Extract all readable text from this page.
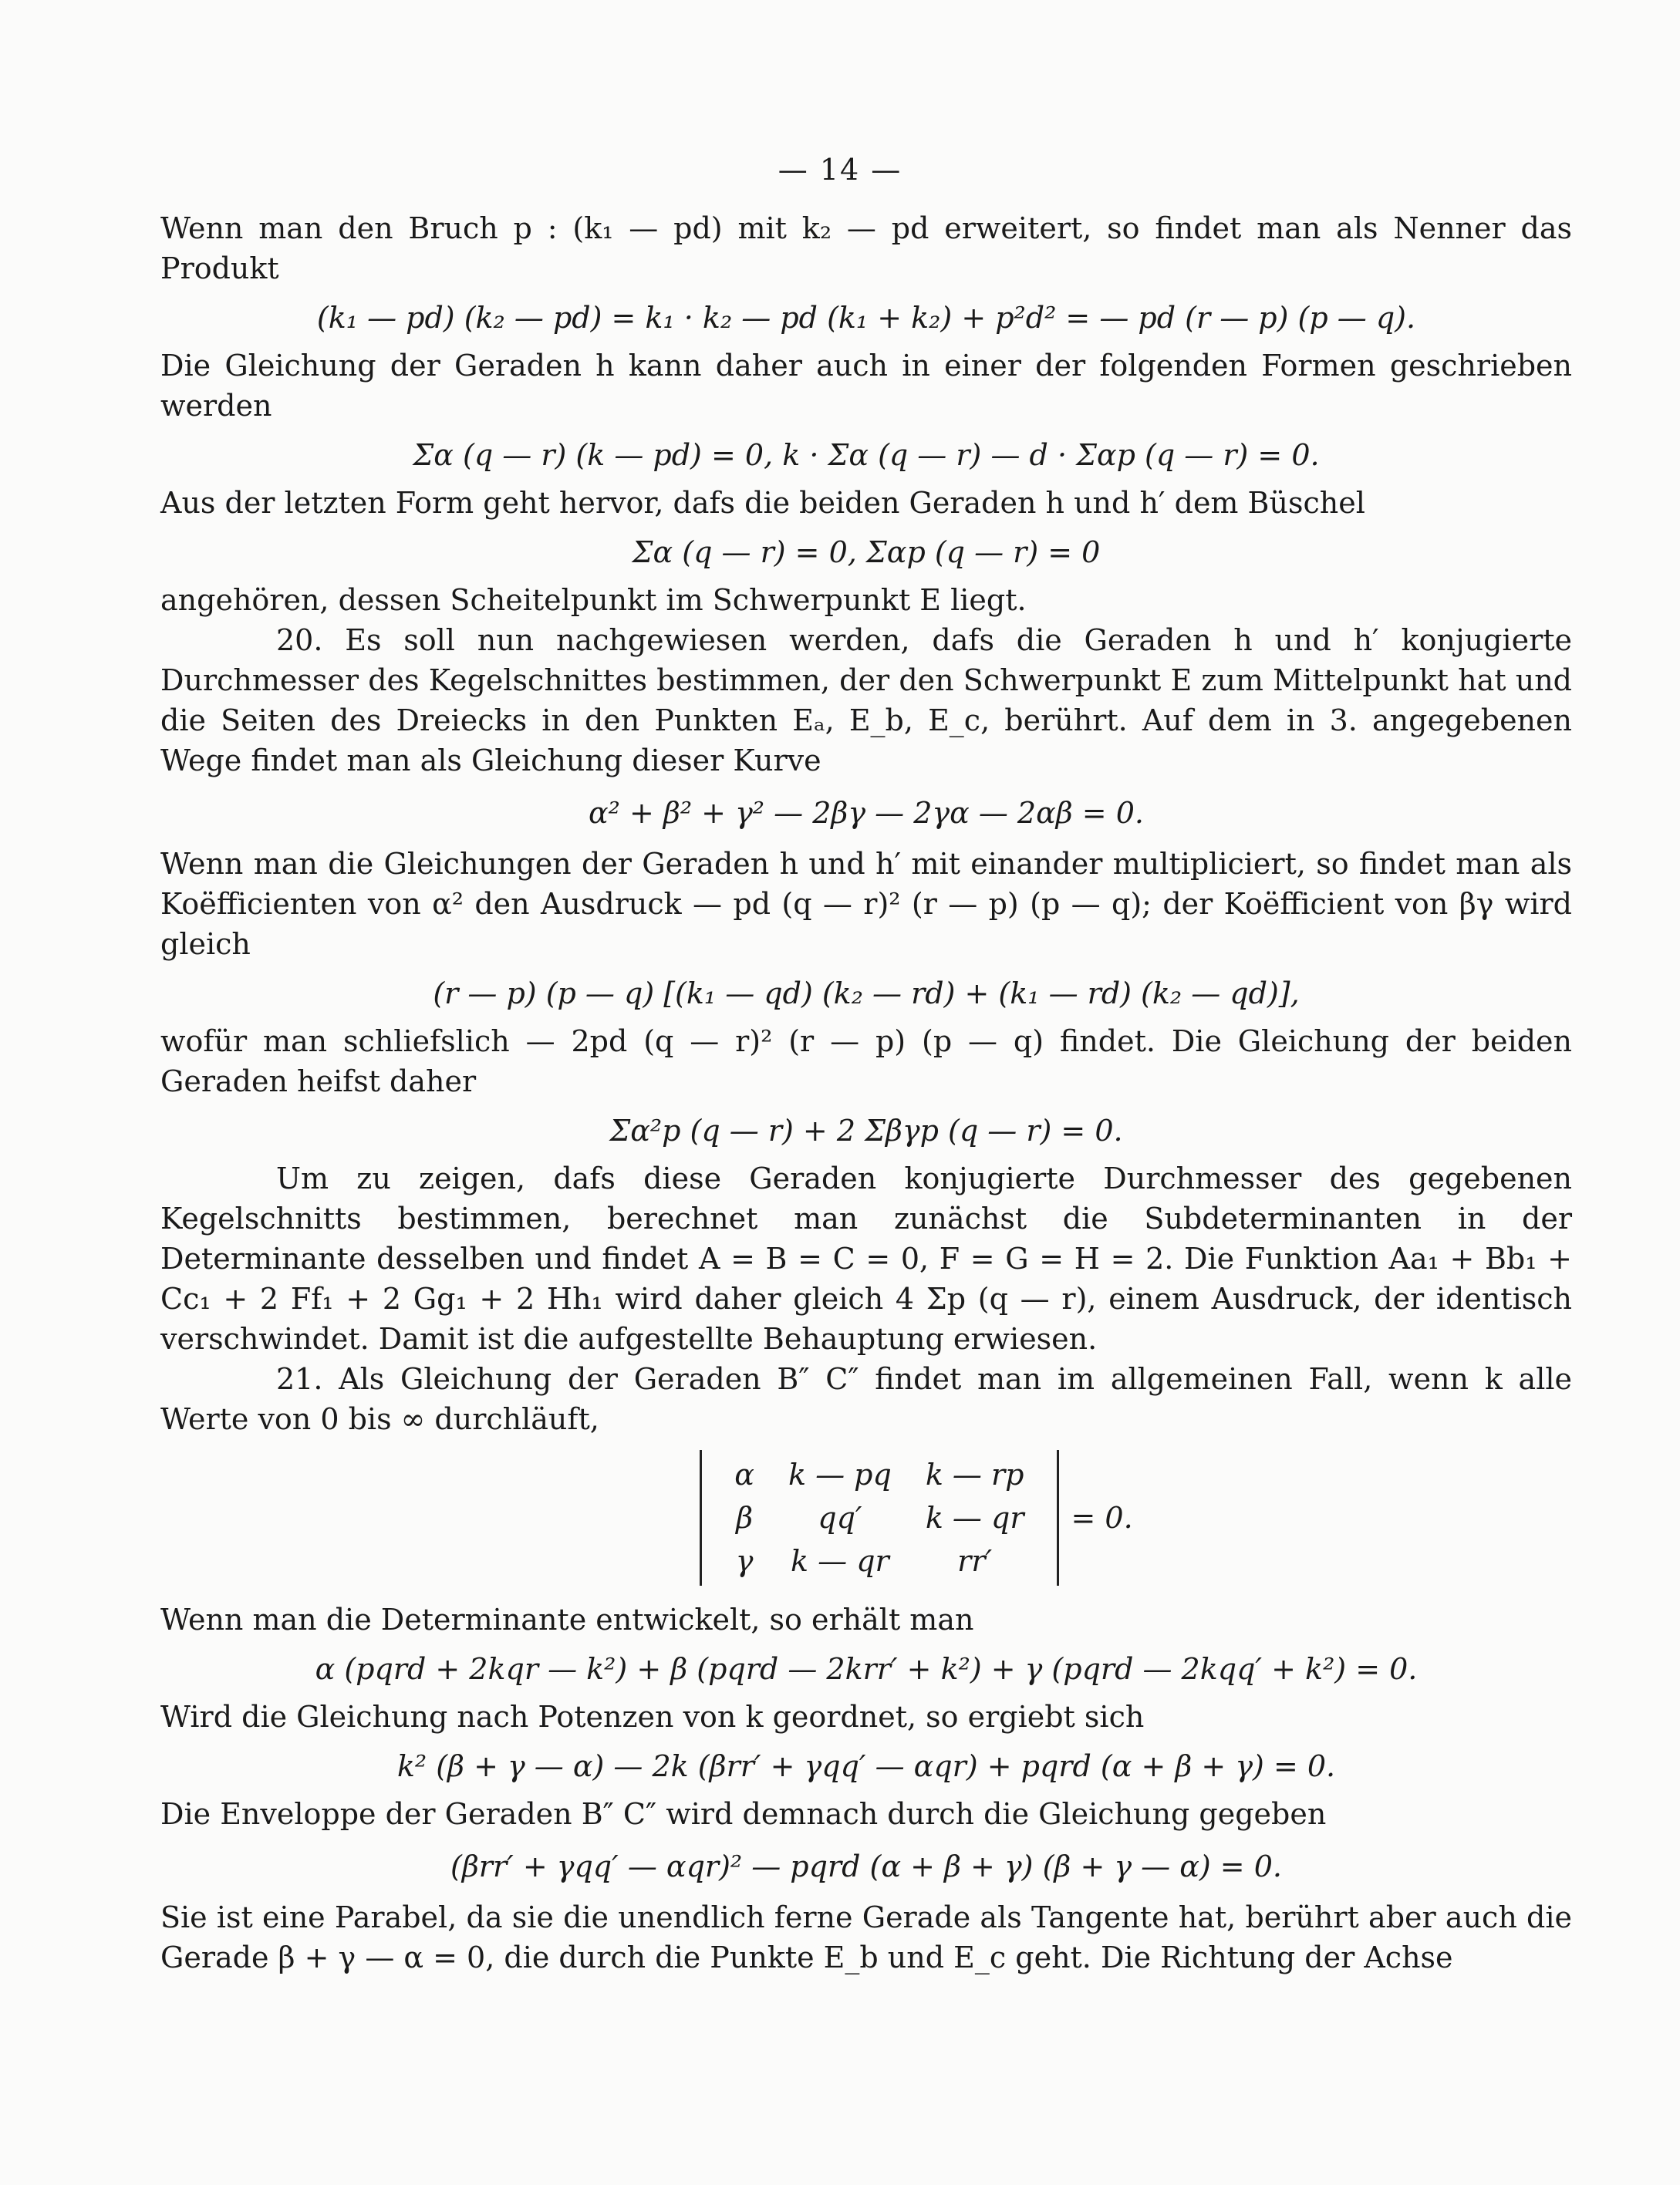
— 14 —

Wenn man den Bruch p : (k₁ — pd) mit k₂ — pd erweitert, so findet man als Nenner das Produkt

(k₁ — pd) (k₂ — pd) = k₁ · k₂ — pd (k₁ + k₂) + p²d² = — pd (r — p) (p — q).

Die Gleichung der Geraden h kann daher auch in einer der folgenden Formen geschrieben werden

Σα (q — r) (k — pd) = 0, k · Σα (q — r) — d · Σαp (q — r) = 0.

Aus der letzten Form geht hervor, dafs die beiden Geraden h und h′ dem Büschel

Σα (q — r) = 0, Σαp (q — r) = 0

angehören, dessen Scheitelpunkt im Schwerpunkt E liegt.

20. Es soll nun nachgewiesen werden, dafs die Geraden h und h′ konjugierte Durchmesser des Kegelschnittes bestimmen, der den Schwerpunkt E zum Mittelpunkt hat und die Seiten des Dreiecks in den Punkten Eₐ, E_b, E_c, berührt. Auf dem in 3. angegebenen Wege findet man als Gleichung dieser Kurve

α² + β² + γ² — 2βγ — 2γα — 2αβ = 0.

Wenn man die Gleichungen der Geraden h und h′ mit einander multipliciert, so findet man als Koëfficienten von α² den Ausdruck — pd (q — r)² (r — p) (p — q); der Koëfficient von βγ wird gleich

(r — p) (p — q) [(k₁ — qd) (k₂ — rd) + (k₁ — rd) (k₂ — qd)],

wofür man schliefslich — 2pd (q — r)² (r — p) (p — q) findet. Die Gleichung der beiden Geraden heifst daher

Σα²p (q — r) + 2 Σβγp (q — r) = 0.

Um zu zeigen, dafs diese Geraden konjugierte Durchmesser des gegebenen Kegelschnitts bestimmen, berechnet man zunächst die Subdeterminanten in der Determinante desselben und findet A = B = C = 0, F = G = H = 2. Die Funktion Aa₁ + Bb₁ + Cc₁ + 2 Ff₁ + 2 Gg₁ + 2 Hh₁ wird daher gleich 4 Σp (q — r), einem Ausdruck, der identisch verschwindet. Damit ist die aufgestellte Behauptung erwiesen.

21. Als Gleichung der Geraden B″ C″ findet man im allgemeinen Fall, wenn k alle Werte von 0 bis ∞ durchläuft,

α	k — pq	k — rp
β	qq′	k — qr
γ	k — qr	rr′
= 0.

Wenn man die Determinante entwickelt, so erhält man

α (pqrd + 2kqr — k²) + β (pqrd — 2krr′ + k²) + γ (pqrd — 2kqq′ + k²) = 0.

Wird die Gleichung nach Potenzen von k geordnet, so ergiebt sich

k² (β + γ — α) — 2k (βrr′ + γqq′ — αqr) + pqrd (α + β + γ) = 0.

Die Enveloppe der Geraden B″ C″ wird demnach durch die Gleichung gegeben

(βrr′ + γqq′ — αqr)² — pqrd (α + β + γ) (β + γ — α) = 0.

Sie ist eine Parabel, da sie die unendlich ferne Gerade als Tangente hat, berührt aber auch die Gerade β + γ — α = 0, die durch die Punkte E_b und E_c geht. Die Richtung der Achse
